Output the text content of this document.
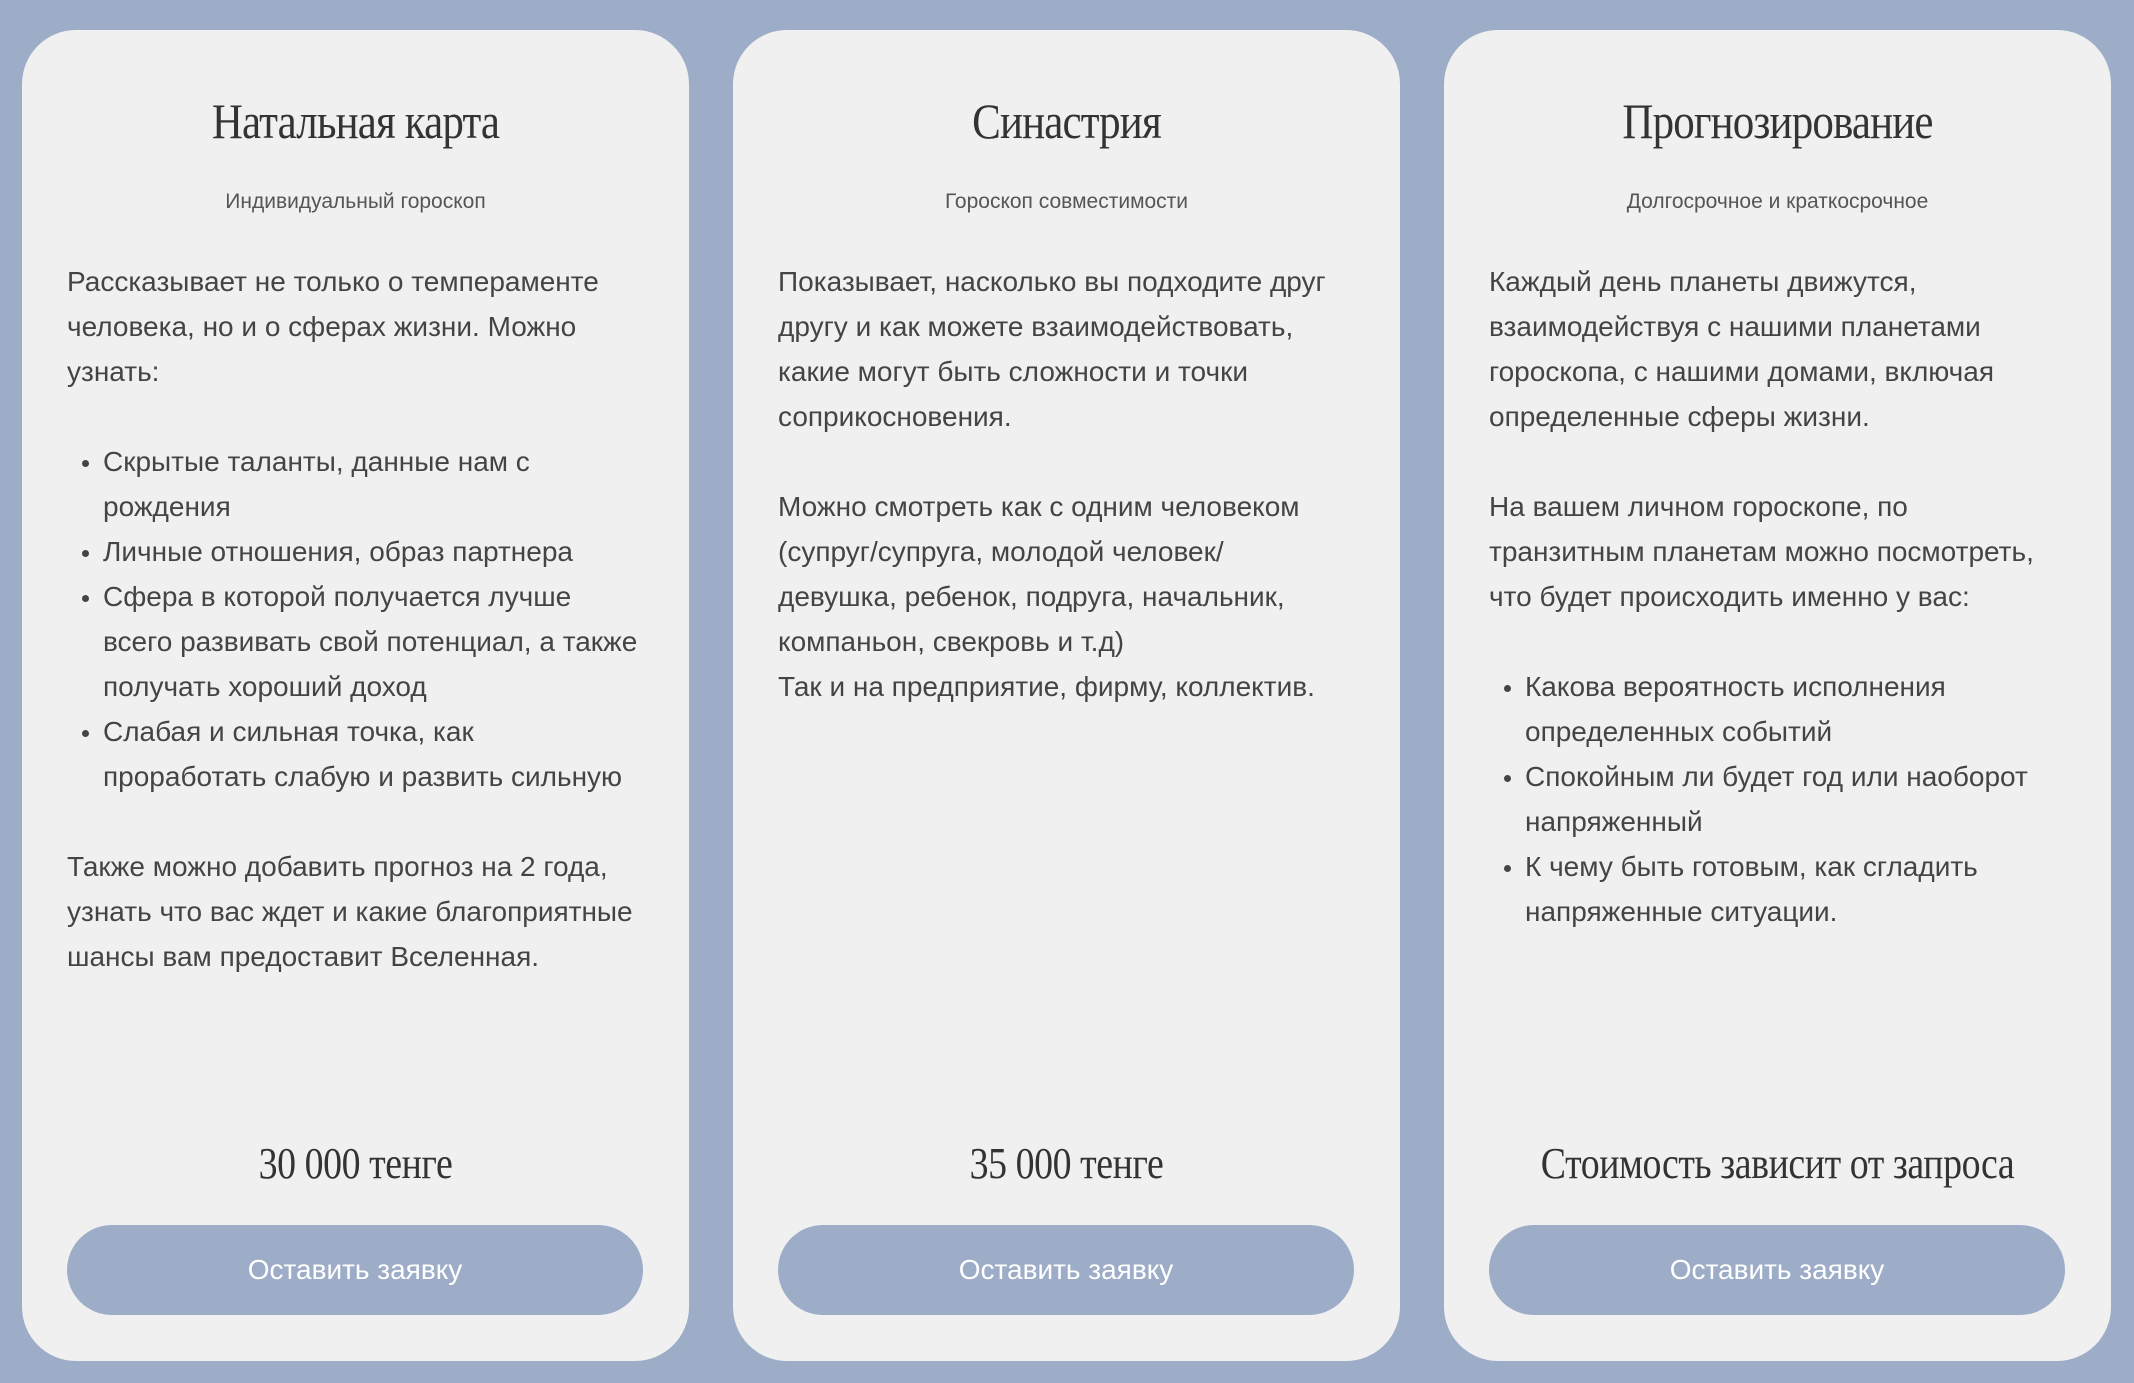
Натальная карта
Индивидуальный гороскоп

Рассказывает не только о темпераменте человека, но и о сферах жизни. Можно узнать:

• Скрытые таланты, данные нам с рождения
• Личные отношения, образ партнера
• Сфера в которой получается лучше всего развивать свой потенциал, а также получать хороший доход
• Слабая и сильная точка, как проработать слабую и развить сильную

Также можно добавить прогноз на 2 года, узнать что вас ждет и какие благоприятные шансы вам предоставит Вселенная.

30 000 тенге
Оставить заявку
Синастрия
Гороскоп совместимости

Показывает, насколько вы подходите друг другу и как можете взаимодействовать, какие могут быть сложности и точки соприкосновения.

Можно смотреть как с одним человеком (супруг/супруга, молодой человек/ девушка, ребенок, подруга, начальник, компаньон, свекровь и т.д)

Так и на предприятие, фирму, коллектив.

35 000 тенге
Оставить заявку
Прогнозирование
Долгосрочное и краткосрочное

Каждый день планеты движутся, взаимодействуя с нашими планетами гороскопа, с нашими домами, включая определенные сферы жизни.

На вашем личном гороскопе, по транзитным планетам можно посмотреть, что будет происходить именно у вас:

• Какова вероятность исполнения определенных событий
• Спокойным ли будет год или наоборот напряженный
• К чему быть готовым, как сгладить напряженные ситуации.
Стоимость зависит от запроса
Оставить заявку
